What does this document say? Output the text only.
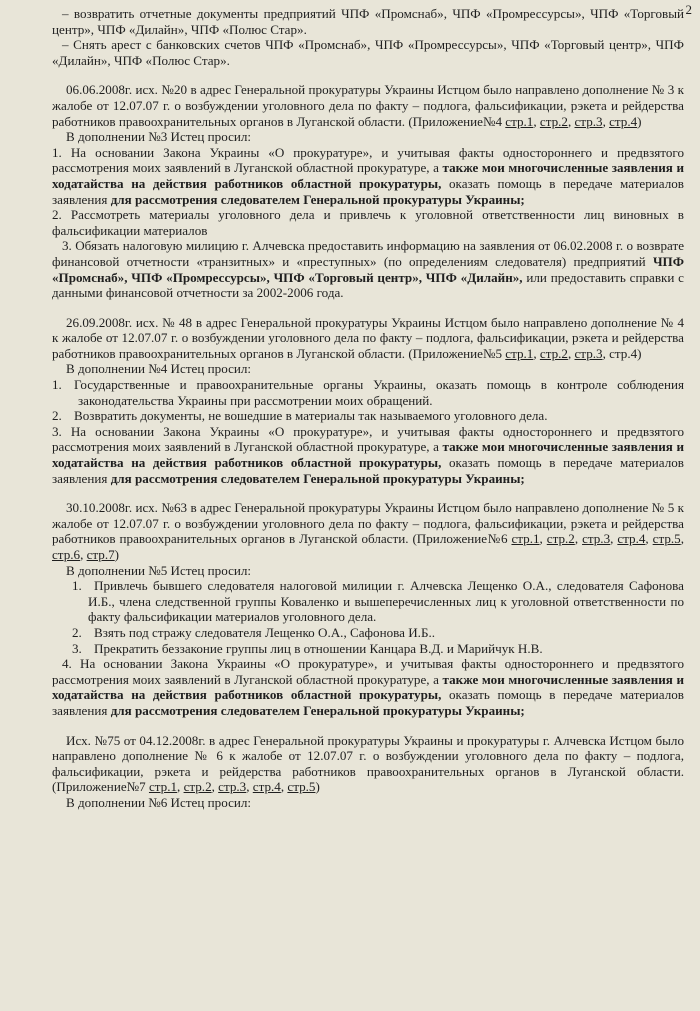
2

– возвратить отчетные документы предприятий ЧПФ «Промснаб», ЧПФ «Промрессурсы», ЧПФ «Торговый центр», ЧПФ «Дилайн», ЧПФ «Полюс Стар».

– Снять арест с банковских счетов ЧПФ «Промснаб», ЧПФ «Промрессурсы», ЧПФ «Торговый центр», ЧПФ «Дилайн», ЧПФ «Полюс Стар».

06.06.2008г. исх. №20 в адрес Генеральной прокуратуры Украины Истцом было направлено дополнение № 3 к жалобе от 12.07.07 г. о возбуждении уголовного дела по факту – подлога, фальсификации, рэкета и рейдерства работников правоохранительных органов в Луганской области. (Приложение№4 стр.1, стр.2, стр.3, стр.4)

В дополнении №3 Истец просил:

1. На основании Закона Украины «О прокуратуре», и учитывая факты одностороннего и предвзятого рассмотрения моих заявлений в Луганской областной прокуратуре, а также мои многочисленные заявления и ходатайства на действия работников областной прокуратуры, оказать помощь в передаче материалов заявления для рассмотрения следователем Генеральной прокуратуры Украины;

2. Рассмотреть материалы уголовного дела и привлечь к уголовной ответственности лиц виновных в фальсификации материалов

3. Обязать налоговую милицию г. Алчевска предоставить информацию на заявления от 06.02.2008 г. о возврате финансовой отчетности «транзитных» и «преступных» (по определениям следователя) предприятий ЧПФ «Промснаб», ЧПФ «Промрессурсы», ЧПФ «Торговый центр», ЧПФ «Дилайн», или предоставить справки с данными финансовой отчетности за 2002-2006 года.

26.09.2008г. исх. № 48 в адрес Генеральной прокуратуры Украины Истцом было направлено дополнение № 4 к жалобе от 12.07.07 г. о возбуждении уголовного дела по факту – подлога, фальсификации, рэкета и рейдерства работников правоохранительных органов в Луганской области. (Приложение№5 стр.1, стр.2, стр.3, стр.4)

В дополнении №4 Истец просил:

1. Государственные и правоохранительные органы Украины, оказать помощь в контроле соблюдения законодательства Украины при рассмотрении моих обращений.

2. Возвратить документы, не вошедшие в материалы так называемого уголовного дела.

3. На основании Закона Украины «О прокуратуре», и учитывая факты одностороннего и предвзятого рассмотрения моих заявлений в Луганской областной прокуратуре, а также мои многочисленные заявления и ходатайства на действия работников областной прокуратуры, оказать помощь в передаче материалов заявления для рассмотрения следователем Генеральной прокуратуры Украины;

30.10.2008г. исх. №63 в адрес Генеральной прокуратуры Украины Истцом было направлено дополнение № 5 к жалобе от 12.07.07 г. о возбуждении уголовного дела по факту – подлога, фальсификации, рэкета и рейдерства работников правоохранительных органов в Луганской области. (Приложение№6 стр.1, стр.2, стр.3, стр.4, стр.5, стр.6, стр.7)

В дополнении №5 Истец просил:

1. Привлечь бывшего следователя налоговой милиции г. Алчевска Лещенко О.А., следователя Сафонова И.Б., члена следственной группы Коваленко и вышеперечисленных лиц к уголовной ответственности по факту фальсификации материалов уголовного дела.

2. Взять под стражу следователя Лещенко О.А., Сафонова И.Б..

3. Прекратить беззаконие группы лиц в отношении Канцара В.Д. и Марийчук Н.В.

4. На основании Закона Украины «О прокуратуре», и учитывая факты одностороннего и предвзятого рассмотрения моих заявлений в Луганской областной прокуратуре, а также мои многочисленные заявления и ходатайства на действия работников областной прокуратуры, оказать помощь в передаче материалов заявления для рассмотрения следователем Генеральной прокуратуры Украины;

Исх. №75 от 04.12.2008г. в адрес Генеральной прокуратуры Украины и прокуратуры г. Алчевска Истцом было направлено дополнение № 6 к жалобе от 12.07.07 г. о возбуждении уголовного дела по факту – подлога, фальсификации, рэкета и рейдерства работников правоохранительных органов в Луганской области. (Приложение№7 стр.1, стр.2, стр.3, стр.4, стр.5)

В дополнении №6 Истец просил:
